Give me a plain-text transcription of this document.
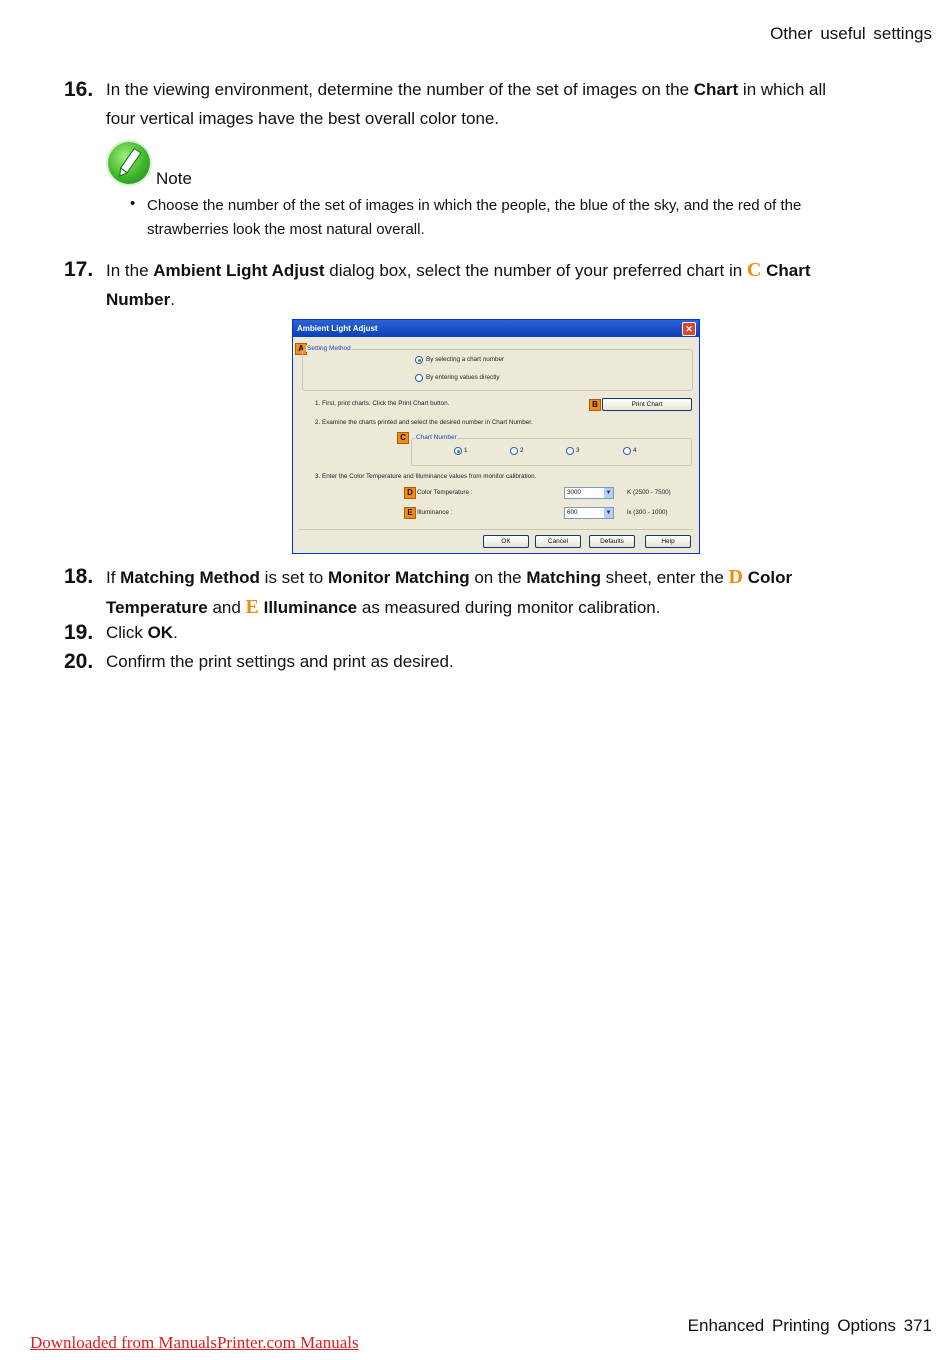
Other useful settings
16. In the viewing environment, determine the number of the set of images on the Chart in which all
four vertical images have the best overall color tone.
Note
• Choose the number of the set of images in which the people, the blue of the sky, and the red of the strawberries look the most natural overall.
17. In the Ambient Light Adjust dialog box, select the number of your preferred chart in C Chart
Number.
Ambient Light Adjust	✕
A Setting Method
By selecting a chart number
By entering values directly
1. First, print charts. Click the Print Chart button.	B	Print Chart
2. Examine the charts printed and select the desired number in Chart Number.
C	Chart Number
1	2	3	4
3. Enter the Color Temperature and Illuminance values from monitor calibration.
D Color Temperature :	3000	▼ K (2500 - 7500)
E Illuminance :	600	▼ lx (300 - 1000)
OK	Cancel	Defaults	Help
18. If Matching Method is set to Monitor Matching on the Matching sheet, enter the D Color
Temperature and E Illuminance as measured during monitor calibration.
19. Click OK.
20. Confirm the print settings and print as desired.
Enhanced Printing Options 371
Downloaded from ManualsPrinter.com Manuals
